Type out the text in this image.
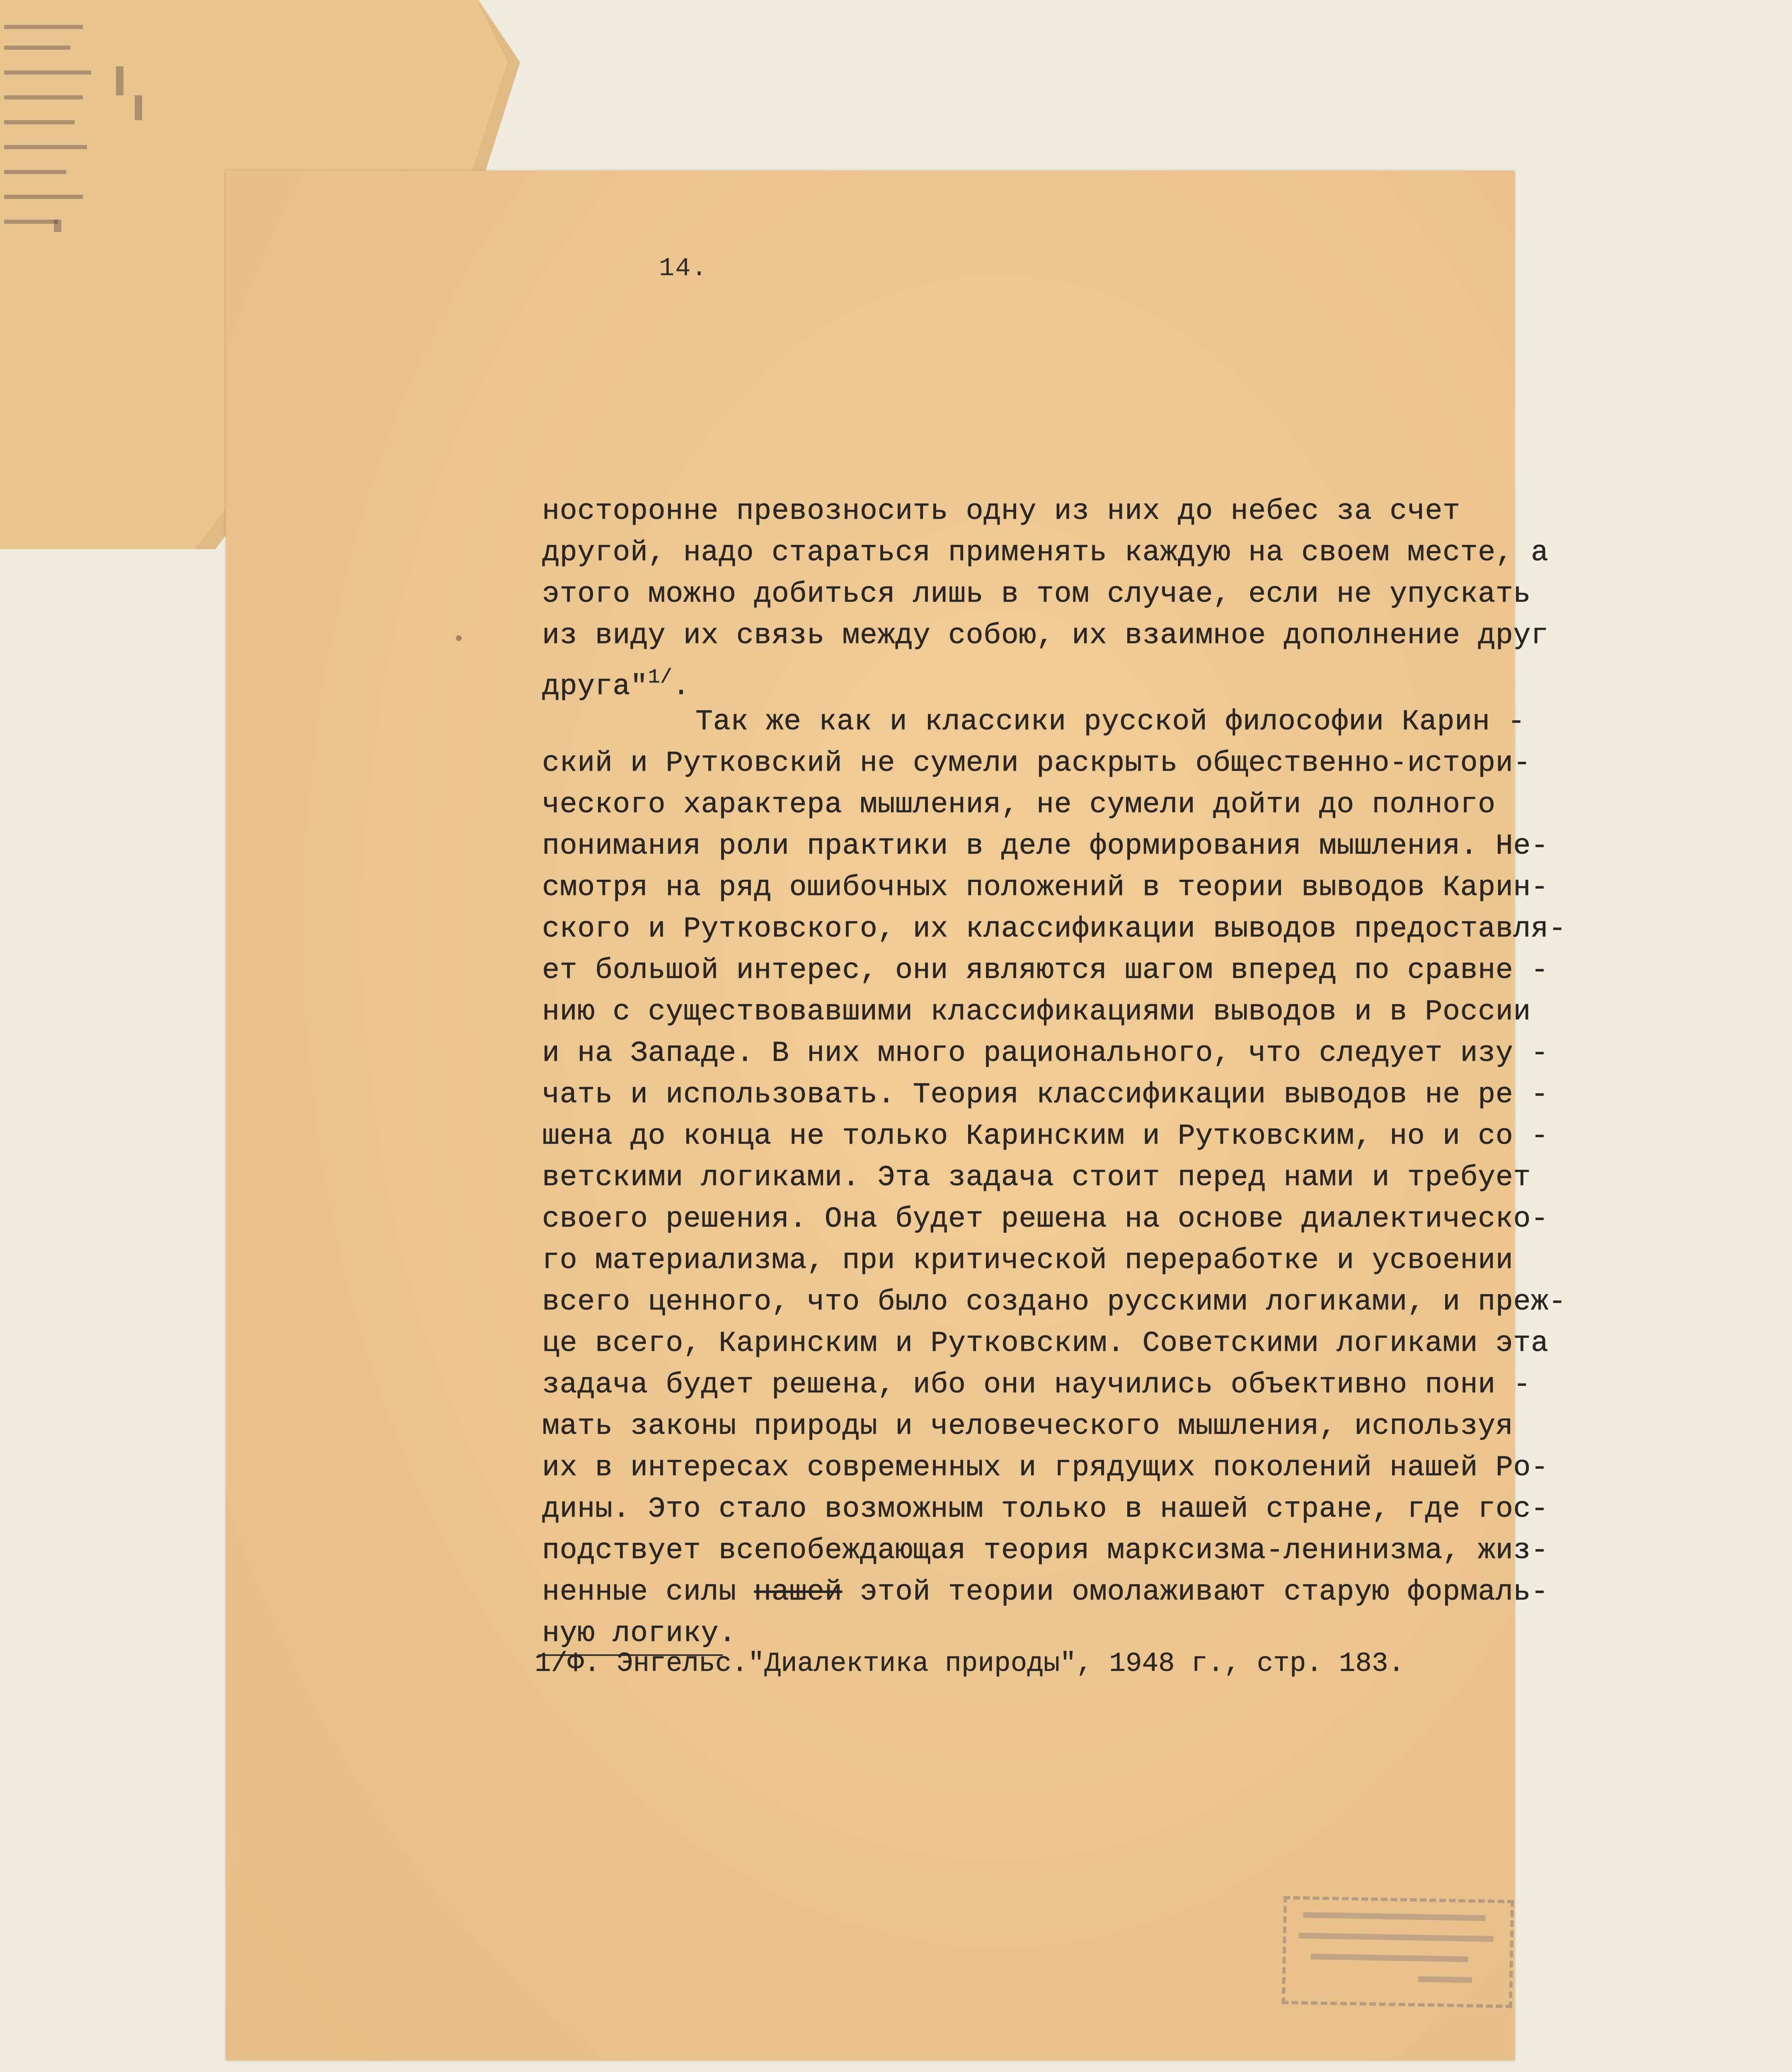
14.
носторонне превозносить одну из них до небес за счет
другой, надо стараться применять каждую на своем месте, а
этого можно добиться лишь в том случае, если не упускать
из виду их связь между собою, их взаимное дополнение друг
друга"$^{1/}$.
Так же как и классики русской философии Карин -
ский и Рутковский не сумели раскрыть общественно-истори-
ческого характера мышления, не сумели дойти до полного
понимания роли практики в деле формирования мышления. Не-
смотря на ряд ошибочных положений в теории выводов Карин-
ского и Рутковского, их классификации выводов предоставля-
ет большой интерес, они являются шагом вперед по сравне -
нию с существовавшими классификациями выводов и в России
и на Западе. В них много рационального, что следует изу -
чать и использовать. Теория классификации выводов не ре -
шена до конца не только Каринским и Рутковским, но и со -
ветскими логиками. Эта задача стоит перед нами и требует
своего решения. Она будет решена на основе диалектическо-
го материализма, при критической переработке и усвоении
всего ценного, что было создано русскими логиками, и преж-
це всего, Каринским и Рутковским. Советскими логиками эта
задача будет решена, ибо они научились объективно пони -
мать законы природы и человеческого мышления, используя
их в интересах современных и грядущих поколений нашей Ро-
дины. Это стало возможным только в нашей стране, где гос-
подствует всепобеждающая теория марксизма-ленинизма, жиз-
ненные силы нашей этой теории омолаживают старую формаль-
ную логику.
1/Ф. Энгельс."Диалектика природы", 1948 г., стр. 183.
